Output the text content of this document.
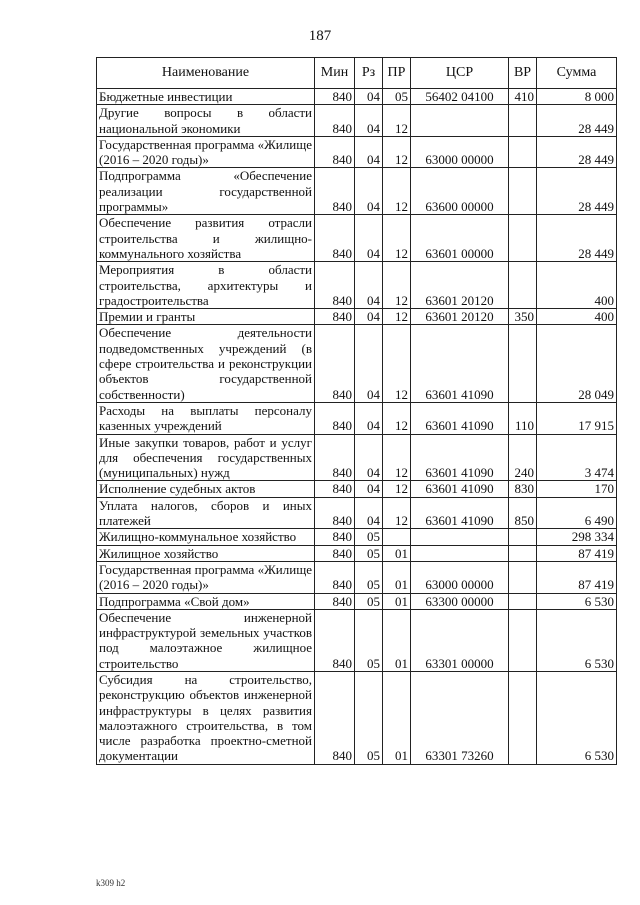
187
Наименование	Мин	Рз	ПР	ЦСР	ВР	Сумма
Бюджетные инвестиции	840	04	05	56402 04100	410	8 000
Другие вопросы в области национальной экономики	840	04	12			28 449
Государственная программа «Жилище (2016 – 2020 годы)»	840	04	12	63000 00000		28 449
Подпрограмма «Обеспечение реализации государственной программы»	840	04	12	63600 00000		28 449
Обеспечение развития отрасли строительства и жилищно-коммунального хозяйства	840	04	12	63601 00000		28 449
Мероприятия в области строительства, архитектуры и градостроительства	840	04	12	63601 20120		400
Премии и гранты	840	04	12	63601 20120	350	400
Обеспечение деятельности подведомственных учреждений (в сфере строительства и реконструкции объектов государственной собственности)	840	04	12	63601 41090		28 049
Расходы на выплаты персоналу казенных учреждений	840	04	12	63601 41090	110	17 915
Иные закупки товаров, работ и услуг для обеспечения государственных (муниципальных) нужд	840	04	12	63601 41090	240	3 474
Исполнение судебных актов	840	04	12	63601 41090	830	170
Уплата налогов, сборов и иных платежей	840	04	12	63601 41090	850	6 490
Жилищно-коммунальное хозяйство	840	05				298 334
Жилищное хозяйство	840	05	01			87 419
Государственная программа «Жилище (2016 – 2020 годы)»	840	05	01	63000 00000		87 419
Подпрограмма «Свой дом»	840	05	01	63300 00000		6 530
Обеспечение инженерной инфраструктурой земельных участков под малоэтажное жилищное строительство	840	05	01	63301 00000		6 530
Субсидия на строительство, реконструкцию объектов инженерной инфраструктуры в целях развития малоэтажного строительства, в том числе разработка проектно-сметной документации	840	05	01	63301 73260		6 530
k309 h2
